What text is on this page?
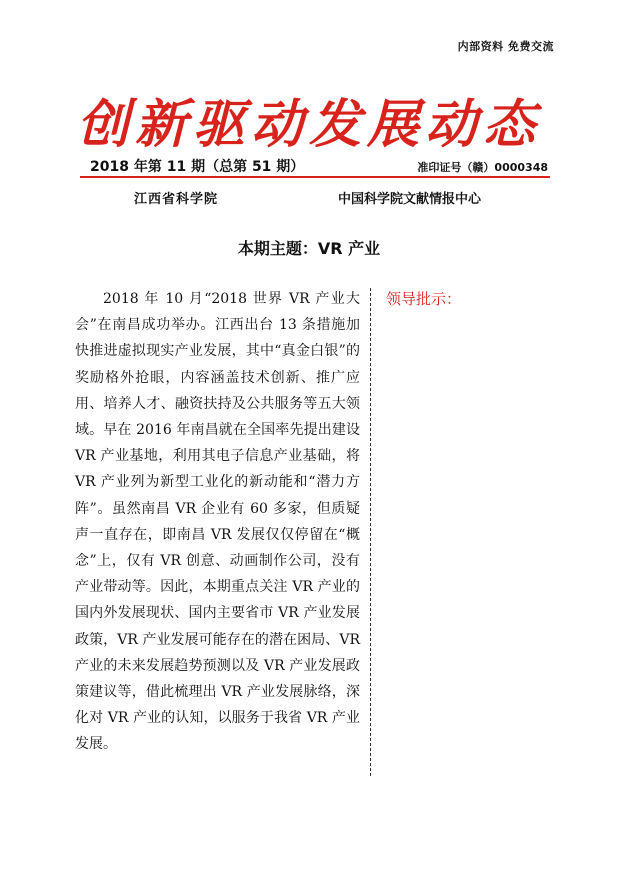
内部资料 免费交流
创新驱动发展动态
2018 年第 11 期（总第 51 期）	准印证号（赣）0000348
江西省科学院	中国科学院文献情报中心
本期主题：VR 产业
2018 年 10 月“2018 世界 VR 产业大会”在南昌成功举办。江西出台 13 条措施加快推进虚拟现实产业发展，其中“真金白银”的奖励格外抢眼，内容涵盖技术创新、推广应用、培养人才、融资扶持及公共服务等五大领域。早在 2016 年南昌就在全国率先提出建设 VR 产业基地，利用其电子信息产业基础，将 VR 产业列为新型工业化的新动能和“潜力方阵”。虽然南昌 VR 企业有 60 多家，但质疑声一直存在，即南昌 VR 发展仅仅停留在“概念”上，仅有 VR 创意、动画制作公司，没有产业带动等。因此，本期重点关注 VR 产业的国内外发展现状、国内主要省市 VR 产业发展政策，VR 产业发展可能存在的潜在困局、VR 产业的未来发展趋势预测以及 VR 产业发展政策建议等，借此梳理出 VR 产业发展脉络，深化对 VR 产业的认知，以服务于我省 VR 产业发展。
领导批示：
